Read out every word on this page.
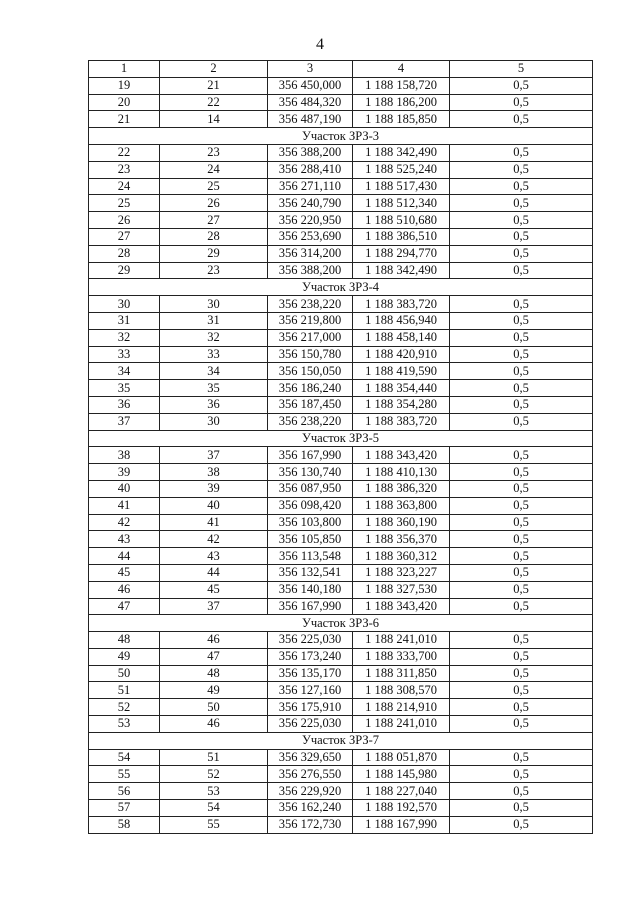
4
1	2	3	4	5
19	21	356 450,000	1 188 158,720	0,5
20	22	356 484,320	1 188 186,200	0,5
21	14	356 487,190	1 188 185,850	0,5
Участок ЗРЗ-3				
22	23	356 388,200	1 188 342,490	0,5
23	24	356 288,410	1 188 525,240	0,5
24	25	356 271,110	1 188 517,430	0,5
25	26	356 240,790	1 188 512,340	0,5
26	27	356 220,950	1 188 510,680	0,5
27	28	356 253,690	1 188 386,510	0,5
28	29	356 314,200	1 188 294,770	0,5
29	23	356 388,200	1 188 342,490	0,5
Участок ЗРЗ-4				
30	30	356 238,220	1 188 383,720	0,5
31	31	356 219,800	1 188 456,940	0,5
32	32	356 217,000	1 188 458,140	0,5
33	33	356 150,780	1 188 420,910	0,5
34	34	356 150,050	1 188 419,590	0,5
35	35	356 186,240	1 188 354,440	0,5
36	36	356 187,450	1 188 354,280	0,5
37	30	356 238,220	1 188 383,720	0,5
Участок ЗРЗ-5				
38	37	356 167,990	1 188 343,420	0,5
39	38	356 130,740	1 188 410,130	0,5
40	39	356 087,950	1 188 386,320	0,5
41	40	356 098,420	1 188 363,800	0,5
42	41	356 103,800	1 188 360,190	0,5
43	42	356 105,850	1 188 356,370	0,5
44	43	356 113,548	1 188 360,312	0,5
45	44	356 132,541	1 188 323,227	0,5
46	45	356 140,180	1 188 327,530	0,5
47	37	356 167,990	1 188 343,420	0,5
Участок ЗРЗ-6				
48	46	356 225,030	1 188 241,010	0,5
49	47	356 173,240	1 188 333,700	0,5
50	48	356 135,170	1 188 311,850	0,5
51	49	356 127,160	1 188 308,570	0,5
52	50	356 175,910	1 188 214,910	0,5
53	46	356 225,030	1 188 241,010	0,5
Участок ЗРЗ-7				
54	51	356 329,650	1 188 051,870	0,5
55	52	356 276,550	1 188 145,980	0,5
56	53	356 229,920	1 188 227,040	0,5
57	54	356 162,240	1 188 192,570	0,5
58	55	356 172,730	1 188 167,990	0,5
